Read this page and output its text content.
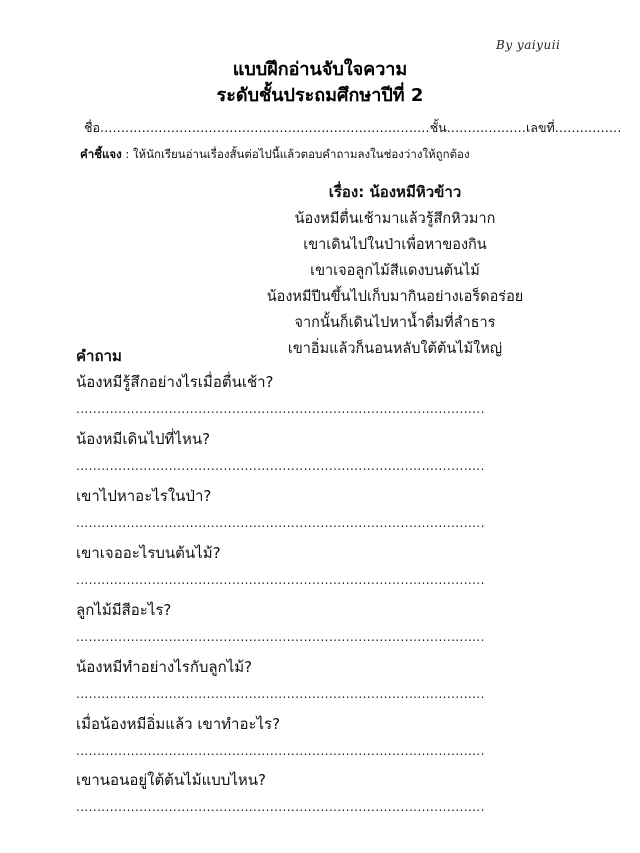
By yaiyuii
แบบฝึกอ่านจับใจความ
ระดับชั้นประถมศึกษาปีที่ 2
ชื่อ...............................................................................ชั้น...................เลขที่................
คำชี้แจง : ให้นักเรียนอ่านเรื่องสั้นต่อไปนี้แล้วตอบคำถามลงในช่องว่างให้ถูกต้อง
เรื่อง: น้องหมีหิวข้าว
น้องหมีตื่นเช้ามาแล้วรู้สึกหิวมาก
เขาเดินไปในป่าเพื่อหาของกิน
เขาเจอลูกไม้สีแดงบนต้นไม้
น้องหมีปีนขึ้นไปเก็บมากินอย่างเอร็ดอร่อย
จากนั้นก็เดินไปหาน้ำดื่มที่ลำธาร
เขาอิ่มแล้วก็นอนหลับใต้ต้นไม้ใหญ่
คำถาม
น้องหมีรู้สึกอย่างไรเมื่อตื่นเช้า?
.................................................................................................
น้องหมีเดินไปที่ไหน?
.................................................................................................
เขาไปหาอะไรในป่า?
.................................................................................................
เขาเจออะไรบนต้นไม้?
.................................................................................................
ลูกไม้มีสีอะไร?
.................................................................................................
น้องหมีทำอย่างไรกับลูกไม้?
.................................................................................................
เมื่อน้องหมีอิ่มแล้ว เขาทำอะไร?
.................................................................................................
เขานอนอยู่ใต้ต้นไม้แบบไหน?
.................................................................................................
